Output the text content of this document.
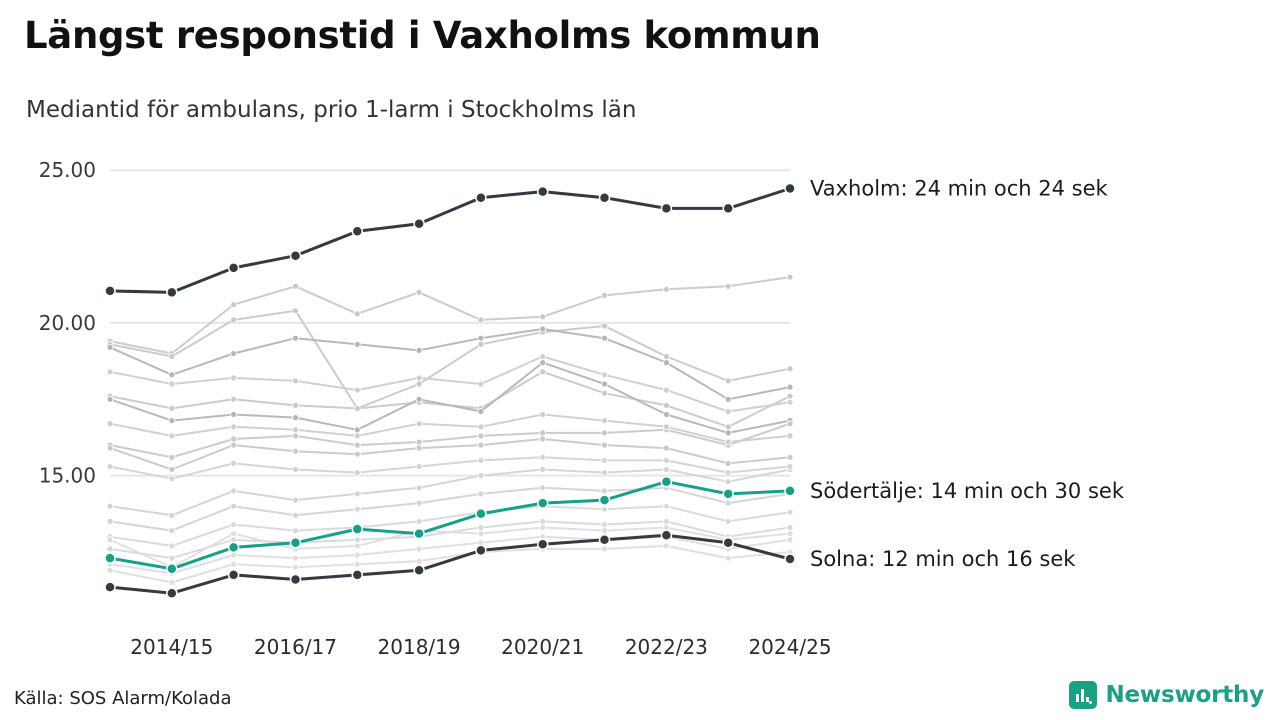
Längst responstid i Vaxholms kommun
Mediantid för ambulans, prio 1-larm i Stockholms län
15.00
20.00
25.00
2014/15 2016/17 2018/19 2020/21 2022/23 2024/25
Vaxholm: 24 min och 24 sek
Södertälje: 14 min och 30 sek
Solna: 12 min och 16 sek
Källa: SOS Alarm/Kolada	Newsworthy
